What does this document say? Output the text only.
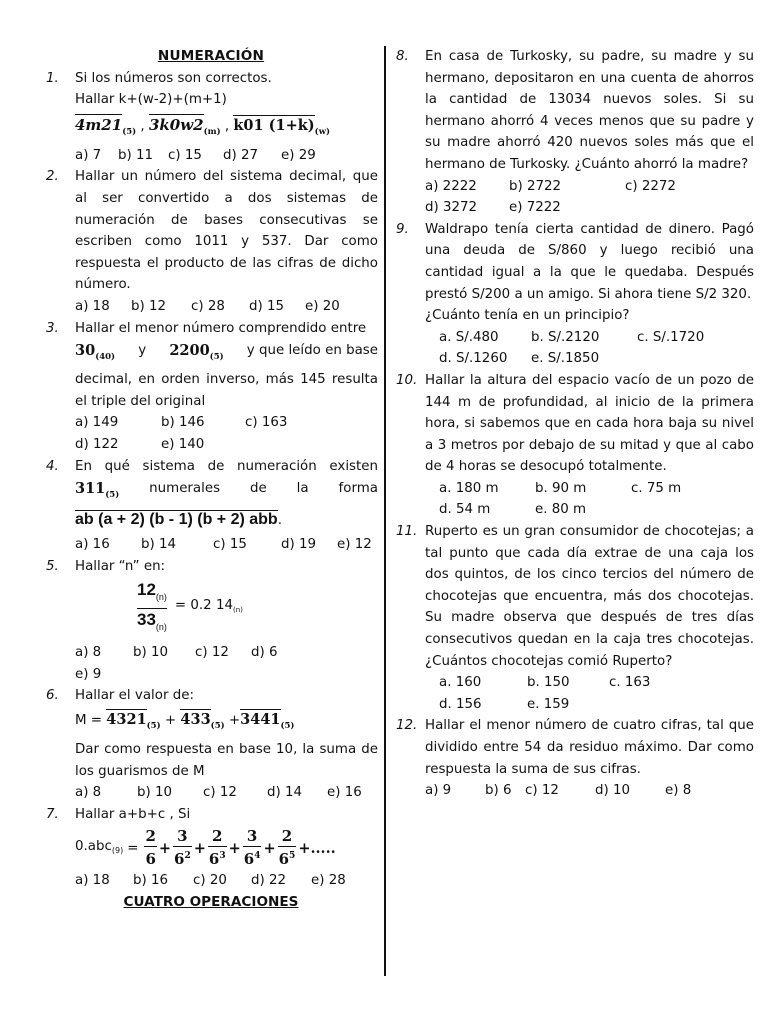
NUMERACIÓN
1. Si los números son correctos.
Hallar k+(w-2)+(m+1)
$4m21_{(5)}$ , $3k0w2_{(m)}$ , k01 $(1+k)_{(w)}$
a) 7	b) 11	c) 15	d) 27	e) 29
2. Hallar un número del sistema decimal, que al ser convertido a dos sistemas de numeración de bases consecutivas se escriben como 1011 y 537. Dar como respuesta el producto de las cifras de dicho número.
a) 18	b) 12	c) 28	d) 15	e) 20
3. Hallar el menor número comprendido entre
$30_{(40)}$ y $2200_{(5)}$ y que leído en base
decimal, en orden inverso, más 145 resulta el triple del original
a) 149	b) 146	c) 163
d) 122	e) 140
4. En qué sistema de numeración existen
$311_{(5)}$ numerales de la forma
ab (a + 2) (b - 1) (b + 2) abb.
a) 16	b) 14	c) 15	d) 19	e) 12
5. Hallar “n” en:
$\frac{12_{(n)}}{33_{(n)}} = 0.2$ $14_{(n)}$
a) 8	b) 10	c) 12	d) 6
e) 9
6. Hallar el valor de:
$M = 4321_{(5)} + 433_{(5)} +3441_{(5)}$
Dar como respuesta en base 10, la suma de los guarismos de M
a) 8	b) 10	c) 12	d) 14	e) 16
7. Hallar a+b+c , Si
$0.abc_{(9)} = \frac{2}{6} + \frac{3}{6^2} + \frac{2}{6^3} + \frac{3}{6^4} + \frac{2}{6^5}$ +.....
a) 18	b) 16	c) 20	d) 22	e) 28
CUATRO OPERACIONES
8. En casa de Turkosky, su padre, su madre y su hermano, depositaron en una cuenta de ahorros la cantidad de 13034 nuevos soles. Si su hermano ahorró 4 veces menos que su padre y su madre ahorró 420 nuevos soles más que el hermano de Turkosky. ¿Cuánto ahorró la madre?
a) 2222	b) 2722	c) 2272
d) 3272	e) 7222
9. Waldrapo tenía cierta cantidad de dinero. Pagó una deuda de S/860 y luego recibió una cantidad igual a la que le quedaba. Después prestó S/200 a un amigo. Si ahora tiene S/2 320.
¿Cuánto tenía en un principio?
a. S/.480	b. S/.2120	c. S/.1720
d. S/.1260	e. S/.1850
10. Hallar la altura del espacio vacío de un pozo de 144 m de profundidad, al inicio de la primera hora, si sabemos que en cada hora baja su nivel a 3 metros por debajo de su mitad y que al cabo de 4 horas se desocupó totalmente.
a. 180 m	b. 90 m	c. 75 m
d. 54 m	e. 80 m
11. Ruperto es un gran consumidor de chocotejas; a tal punto que cada día extrae de una caja los dos quintos, de los cinco tercios del número de chocotejas que encuentra, más dos chocotejas. Su madre observa que después de tres días consecutivos quedan en la caja tres chocotejas. ¿Cuántos chocotejas comió Ruperto?
a. 160	b. 150	c. 163
d. 156	e. 159
12. Hallar el menor número de cuatro cifras, tal que dividido entre 54 da residuo máximo. Dar como respuesta la suma de sus cifras.
a) 9	b) 6	c) 12	d) 10	e) 8
